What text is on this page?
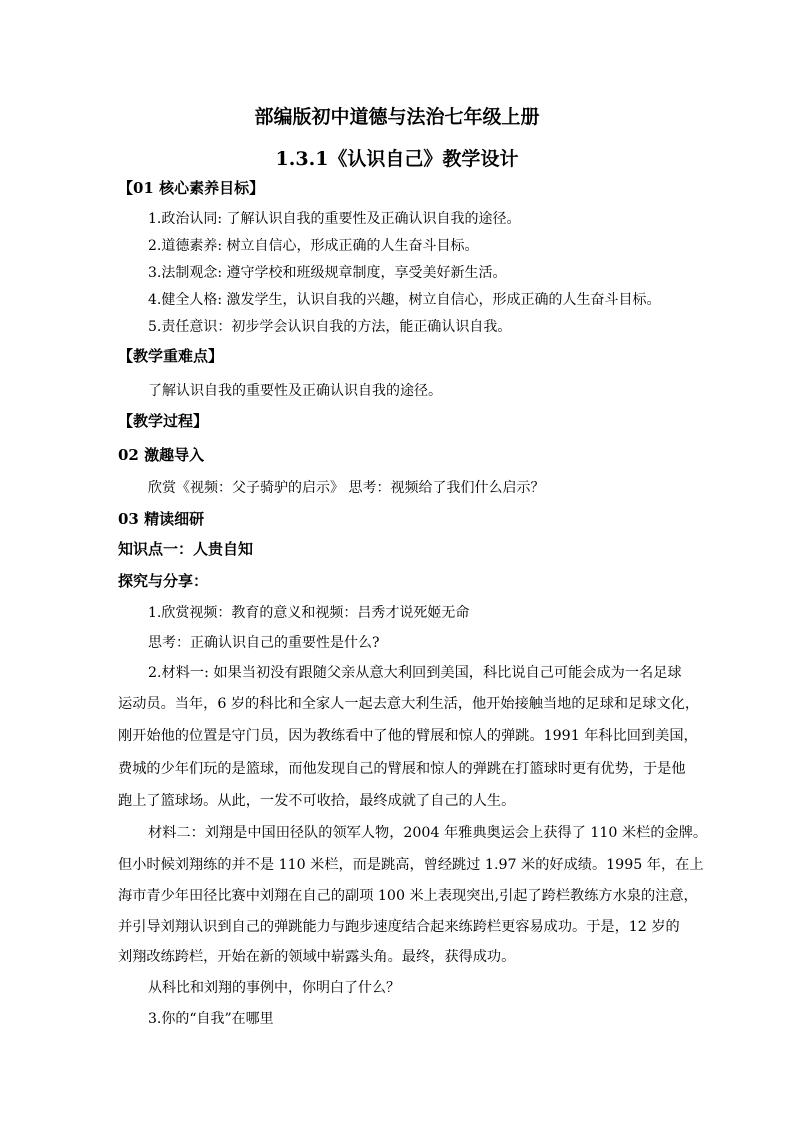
部编版初中道德与法治七年级上册

1.3.1《认识自己》教学设计

【01 核心素养目标】

1.政治认同: 了解认识自我的重要性及正确认识自我的途径。

2.道德素养: 树立自信心，形成正确的人生奋斗目标。

3.法制观念: 遵守学校和班级规章制度，享受美好新生活。

4.健全人格: 激发学生，认识自我的兴趣，树立自信心，形成正确的人生奋斗目标。

5.责任意识：初步学会认识自我的方法，能正确认识自我。

【教学重难点】

了解认识自我的重要性及正确认识自我的途径。

【教学过程】

02 激趣导入

欣赏《视频：父子骑驴的启示》 思考：视频给了我们什么启示？

03 精读细研

知识点一：人贵自知

探究与分享：

1.欣赏视频：教育的意义和视频：吕秀才说死姬无命

思考：正确认识自己的重要性是什么?

2.材料一: 如果当初没有跟随父亲从意大利回到美国，科比说自己可能会成为一名足球

运动员。当年，6 岁的科比和全家人一起去意大利生活，他开始接触当地的足球和足球文化，

刚开始他的位置是守门员，因为教练看中了他的臂展和惊人的弹跳。1991 年科比回到美国，

费城的少年们玩的是篮球，而他发现自己的臂展和惊人的弹跳在打篮球时更有优势，于是他

跑上了篮球场。从此，一发不可收拾，最终成就了自己的人生。

材料二：刘翔是中国田径队的领军人物，2004 年雅典奥运会上获得了 110 米栏的金牌。

但小时候刘翔练的并不是 110 米栏，而是跳高，曾经跳过 1.97 米的好成绩。1995 年，在上

海市青少年田径比赛中刘翔在自己的副项 100 米上表现突出,引起了跨栏教练方水泉的注意，

并引导刘翔认识到自己的弹跳能力与跑步速度结合起来练跨栏更容易成功。于是，12 岁的

刘翔改练跨栏，开始在新的领域中崭露头角。最终，获得成功。

从科比和刘翔的事例中，你明白了什么？

3.你的“自我”在哪里
